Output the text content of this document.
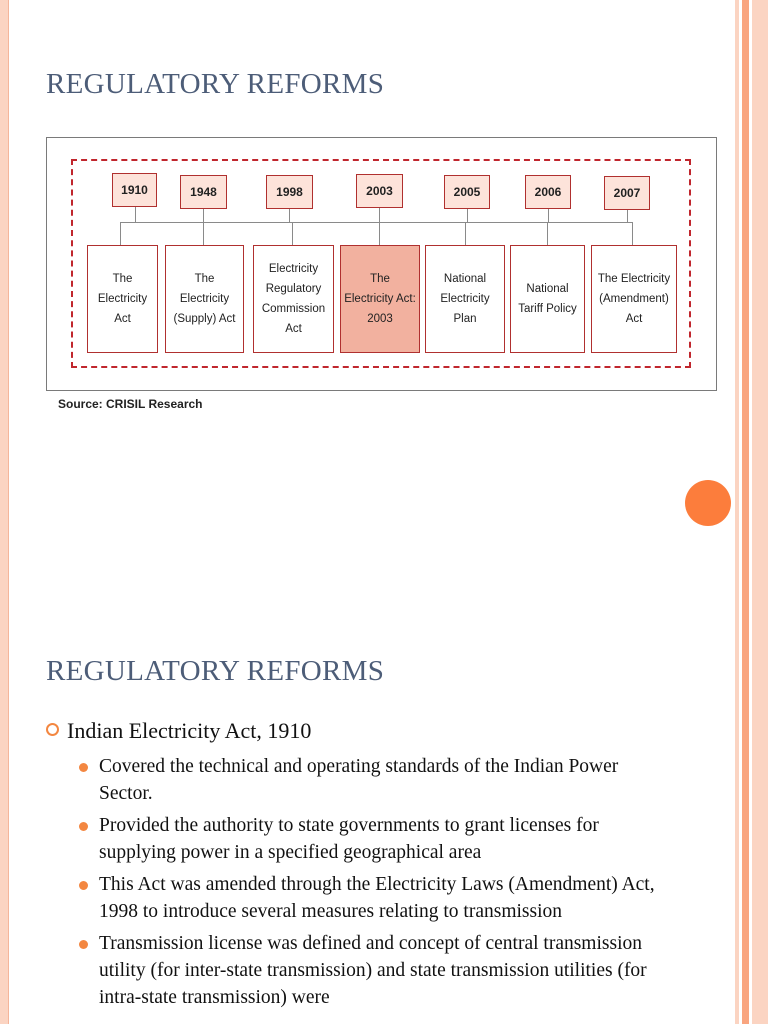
REGULATORY REFORMS
1910	1948	1998	2003	2005	2006	2007
The Electricity Act
The Electricity (Supply) Act
Electricity Regulatory Commission Act
The Electricity Act: 2003
National Electricity Plan
National Tariff Policy
The Electricity (Amendment) Act
Source: CRISIL Research
REGULATORY REFORMS
Indian Electricity Act, 1910
Covered the technical and operating standards of the Indian Power Sector.
Provided the authority to state governments to grant licenses for supplying power in a specified geographical area
This Act was amended through the Electricity Laws (Amendment) Act, 1998 to introduce several measures relating to transmission
Transmission license was defined and concept of central transmission utility (for inter-state transmission) and state transmission utilities (for intra-state transmission) were
